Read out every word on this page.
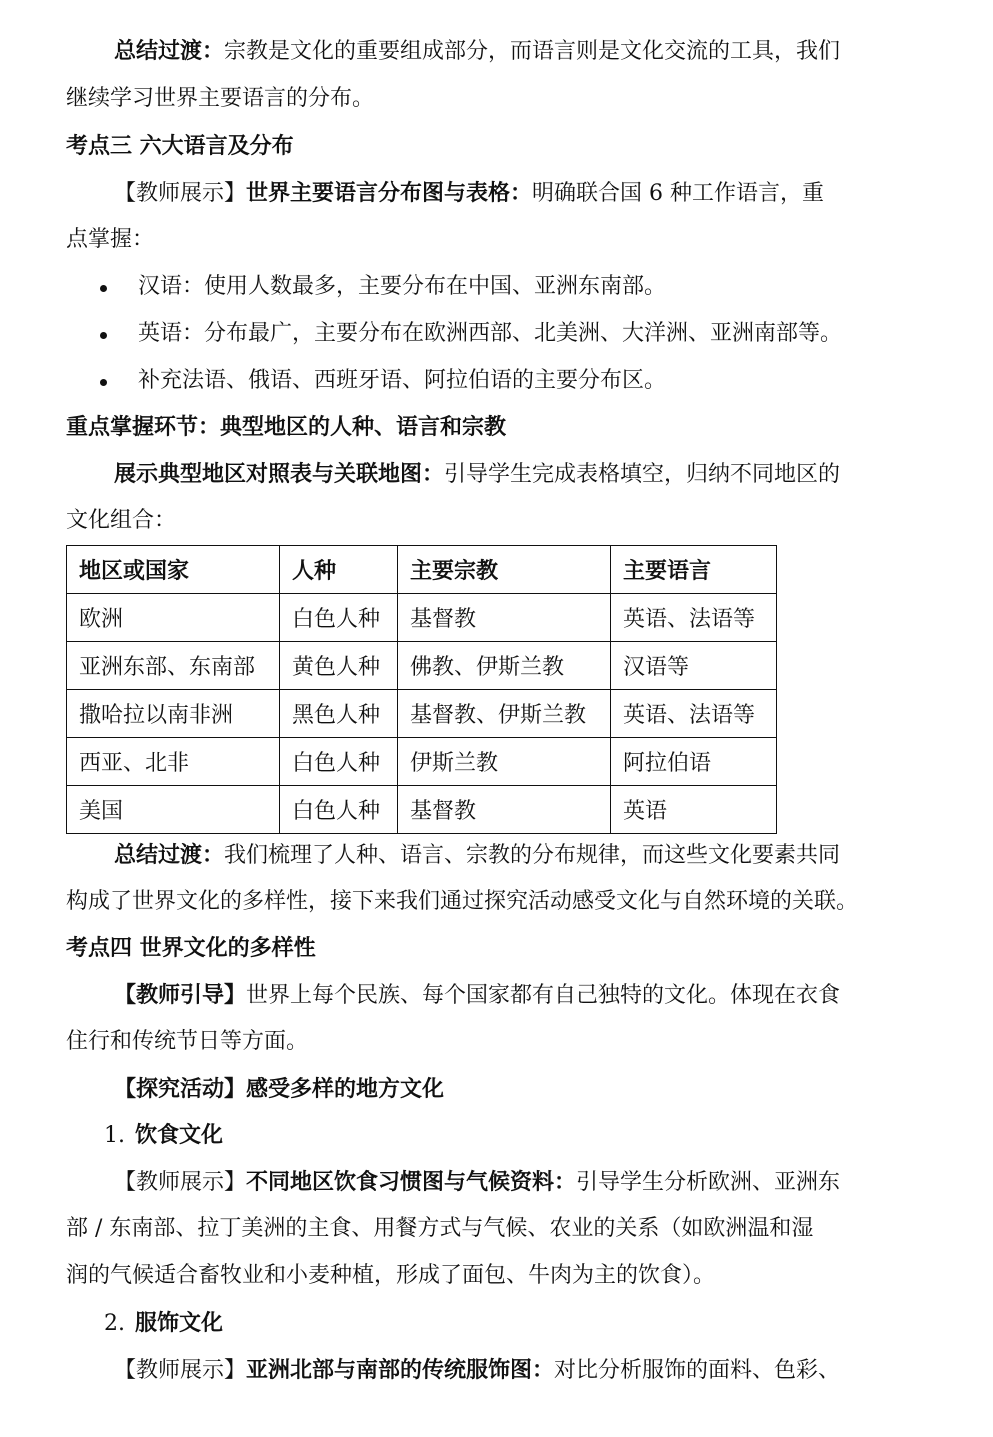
总结过渡：宗教是文化的重要组成部分，而语言则是文化交流的工具，我们
继续学习世界主要语言的分布。
考点三 六大语言及分布
【教师展示】世界主要语言分布图与表格：明确联合国 6 种工作语言，重
点掌握：
汉语：使用人数最多，主要分布在中国、亚洲东南部。
英语：分布最广，主要分布在欧洲西部、北美洲、大洋洲、亚洲南部等。
补充法语、俄语、西班牙语、阿拉伯语的主要分布区。
重点掌握环节：典型地区的人种、语言和宗教
展示典型地区对照表与关联地图：引导学生完成表格填空，归纳不同地区的
文化组合：
地区或国家	人种	主要宗教	主要语言
欧洲	白色人种	基督教	英语、法语等
亚洲东部、东南部	黄色人种	佛教、伊斯兰教	汉语等
撒哈拉以南非洲	黑色人种	基督教、伊斯兰教	英语、法语等
西亚、北非	白色人种	伊斯兰教	阿拉伯语
美国	白色人种	基督教	英语
总结过渡：我们梳理了人种、语言、宗教的分布规律，而这些文化要素共同
构成了世界文化的多样性，接下来我们通过探究活动感受文化与自然环境的关联。
考点四 世界文化的多样性
【教师引导】世界上每个民族、每个国家都有自己独特的文化。体现在衣食
住行和传统节日等方面。
【探究活动】感受多样的地方文化
1. 饮食文化
【教师展示】不同地区饮食习惯图与气候资料：引导学生分析欧洲、亚洲东
部 / 东南部、拉丁美洲的主食、用餐方式与气候、农业的关系（如欧洲温和湿
润的气候适合畜牧业和小麦种植，形成了面包、牛肉为主的饮食）。
2. 服饰文化
【教师展示】亚洲北部与南部的传统服饰图：对比分析服饰的面料、色彩、
